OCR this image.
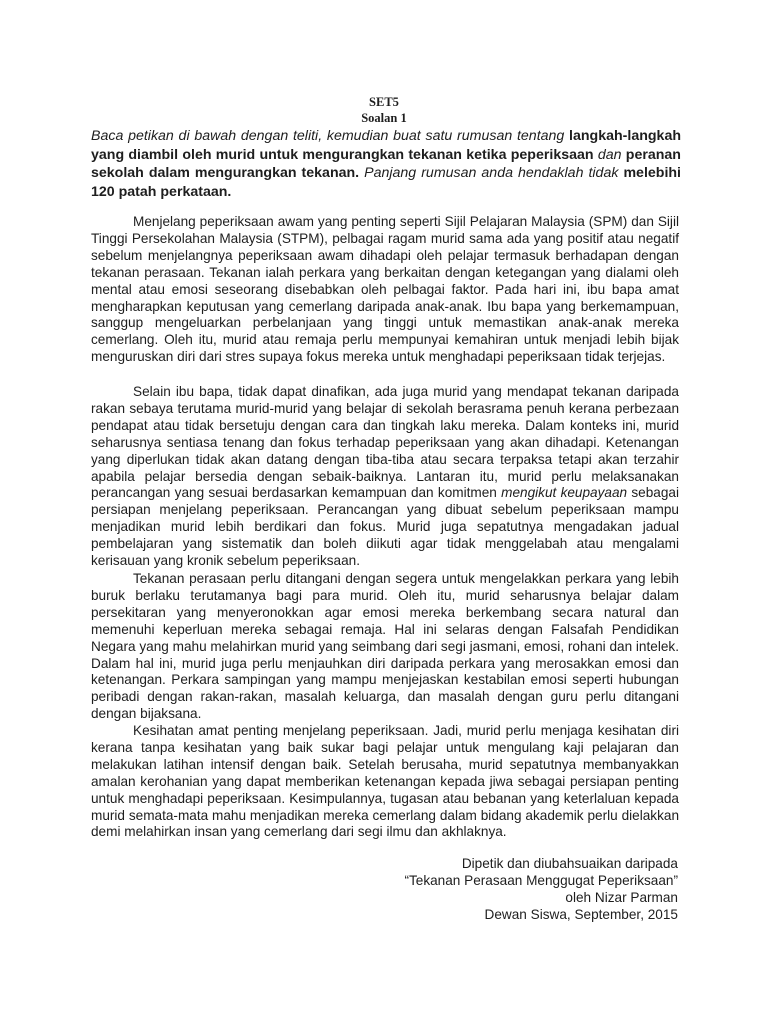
SET5
Soalan 1

Baca petikan di bawah dengan teliti, kemudian buat satu rumusan tentang langkah-langkah yang diambil oleh murid untuk mengurangkan tekanan ketika peperiksaan dan peranan sekolah dalam mengurangkan tekanan. Panjang rumusan anda hendaklah tidak melebihi 120 patah perkataan.

Menjelang peperiksaan awam yang penting seperti Sijil Pelajaran Malaysia (SPM) dan Sijil Tinggi Persekolahan Malaysia (STPM), pelbagai ragam murid sama ada yang positif atau negatif sebelum menjelangnya peperiksaan awam dihadapi oleh pelajar termasuk berhadapan dengan tekanan perasaan. Tekanan ialah perkara yang berkaitan dengan ketegangan yang dialami oleh mental atau emosi seseorang disebabkan oleh pelbagai faktor. Pada hari ini, ibu bapa amat mengharapkan keputusan yang cemerlang daripada anak-anak. Ibu bapa yang berkemampuan, sanggup mengeluarkan perbelanjaan yang tinggi untuk memastikan anak-anak mereka cemerlang. Oleh itu, murid atau remaja perlu mempunyai kemahiran untuk menjadi lebih bijak menguruskan diri dari stres supaya fokus mereka untuk menghadapi peperiksaan tidak terjejas.

Selain ibu bapa, tidak dapat dinafikan, ada juga murid yang mendapat tekanan daripada rakan sebaya terutama murid-murid yang belajar di sekolah berasrama penuh kerana perbezaan pendapat atau tidak bersetuju dengan cara dan tingkah laku mereka. Dalam konteks ini, murid seharusnya sentiasa tenang dan fokus terhadap peperiksaan yang akan dihadapi. Ketenangan yang diperlukan tidak akan datang dengan tiba-tiba atau secara terpaksa tetapi akan terzahir apabila pelajar bersedia dengan sebaik-baiknya. Lantaran itu, murid perlu melaksanakan perancangan yang sesuai berdasarkan kemampuan dan komitmen mengikut keupayaan sebagai persiapan menjelang peperiksaan. Perancangan yang dibuat sebelum peperiksaan mampu menjadikan murid lebih berdikari dan fokus. Murid juga sepatutnya mengadakan jadual pembelajaran yang sistematik dan boleh diikuti agar tidak menggelabah atau mengalami kerisauan yang kronik sebelum peperiksaan.

Tekanan perasaan perlu ditangani dengan segera untuk mengelakkan perkara yang lebih buruk berlaku terutamanya bagi para murid. Oleh itu, murid seharusnya belajar dalam persekitaran yang menyeronokkan agar emosi mereka berkembang secara natural dan memenuhi keperluan mereka sebagai remaja. Hal ini selaras dengan Falsafah Pendidikan Negara yang mahu melahirkan murid yang seimbang dari segi jasmani, emosi, rohani dan intelek. Dalam hal ini, murid juga perlu menjauhkan diri daripada perkara yang merosakkan emosi dan ketenangan. Perkara sampingan yang mampu menjejaskan kestabilan emosi seperti hubungan peribadi dengan rakan-rakan, masalah keluarga, dan masalah dengan guru perlu ditangani dengan bijaksana.

Kesihatan amat penting menjelang peperiksaan. Jadi, murid perlu menjaga kesihatan diri kerana tanpa kesihatan yang baik sukar bagi pelajar untuk mengulang kaji pelajaran dan melakukan latihan intensif dengan baik. Setelah berusaha, murid sepatutnya membanyakkan amalan kerohanian yang dapat memberikan ketenangan kepada jiwa sebagai persiapan penting untuk menghadapi peperiksaan. Kesimpulannya, tugasan atau bebanan yang keterlaluan kepada murid semata-mata mahu menjadikan mereka cemerlang dalam bidang akademik perlu dielakkan demi melahirkan insan yang cemerlang dari segi ilmu dan akhlaknya.

Dipetik dan diubahsuaikan daripada
“Tekanan Perasaan Menggugat Peperiksaan”
oleh Nizar Parman
Dewan Siswa, September, 2015
